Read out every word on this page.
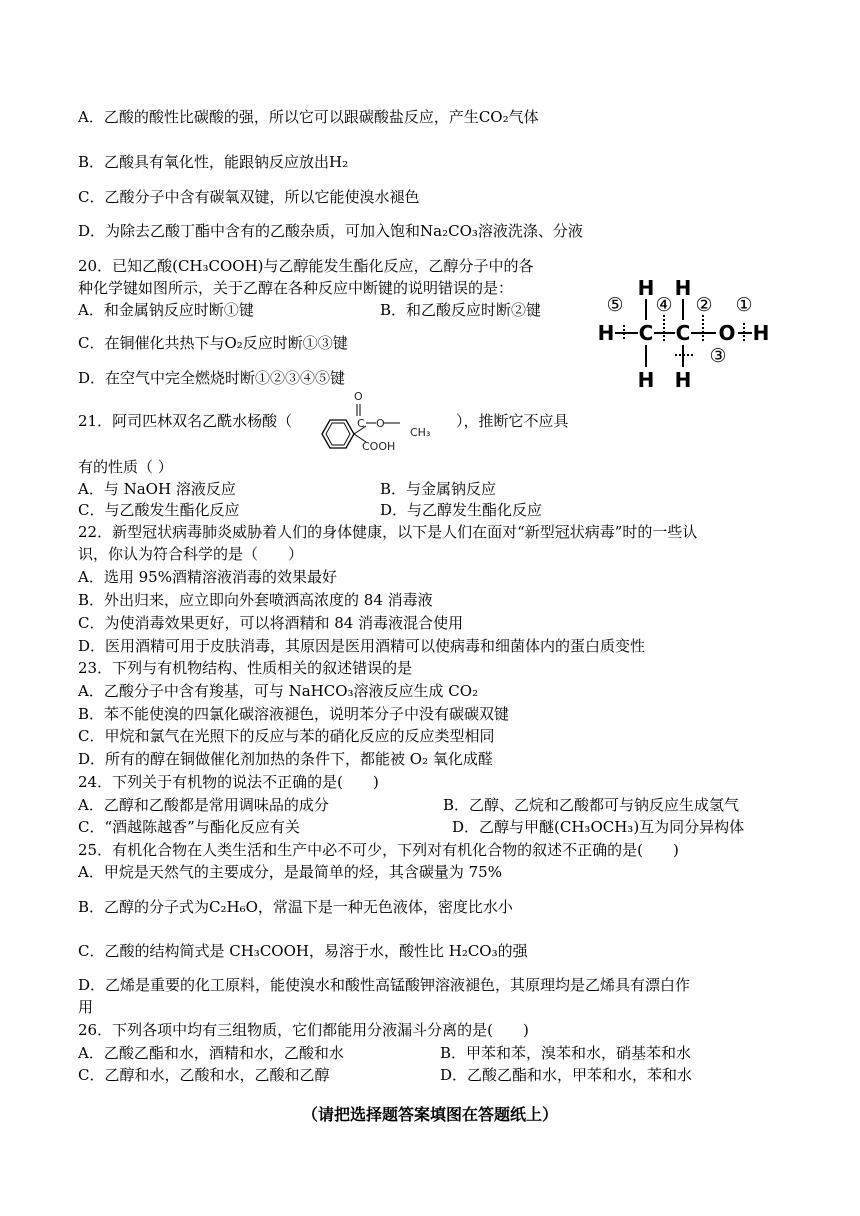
A．乙酸的酸性比碳酸的强，所以它可以跟碳酸盐反应，产生CO₂气体
B．乙酸具有氧化性，能跟钠反应放出H₂
C．乙酸分子中含有碳氧双键，所以它能使溴水褪色
D．为除去乙酸丁酯中含有的乙酸杂质，可加入饱和Na₂CO₃溶液洗涤、分液
20．已知乙酸(CH₃COOH)与乙醇能发生酯化反应，乙醇分子中的各
种化学键如图所示，关于乙醇在各种反应中断键的说明错误的是：
A．和金属钠反应时断①键	B．和乙酸反应时断②键
C．在铜催化共热下与O₂反应时断①③键
D．在空气中完全燃烧时断①②③④⑤键
H H
H C C O H
H H
⑤ ④ ② ①
③
21．阿司匹林双名乙酰水杨酸（
O
C O
CH₃
COOH
），推断它不应具
有的性质（ ）
A．与 NaOH 溶液反应	B．与金属钠反应
C．与乙酸发生酯化反应	D．与乙醇发生酯化反应
22．新型冠状病毒肺炎威胁着人们的身体健康，以下是人们在面对“新型冠状病毒”时的一些认
识，你认为符合科学的是（　　）
A．选用 95%酒精溶液消毒的效果最好
B．外出归来，应立即向外套喷洒高浓度的 84 消毒液
C．为使消毒效果更好，可以将酒精和 84 消毒液混合使用
D．医用酒精可用于皮肤消毒，其原因是医用酒精可以使病毒和细菌体内的蛋白质变性
23．下列与有机物结构、性质相关的叙述错误的是
A．乙酸分子中含有羧基，可与 NaHCO₃溶液反应生成 CO₂
B．苯不能使溴的四氯化碳溶液褪色，说明苯分子中没有碳碳双键
C．甲烷和氯气在光照下的反应与苯的硝化反应的反应类型相同
D．所有的醇在铜做催化剂加热的条件下，都能被 O₂ 氧化成醛
24．下列关于有机物的说法不正确的是(　　)
A．乙醇和乙酸都是常用调味品的成分	B．乙醇、乙烷和乙酸都可与钠反应生成氢气
C．“酒越陈越香”与酯化反应有关	D．乙醇与甲醚(CH₃OCH₃)互为同分异构体
25．有机化合物在人类生活和生产中必不可少，下列对有机化合物的叙述不正确的是(　　)
A．甲烷是天然气的主要成分，是最简单的烃，其含碳量为 75%
B．乙醇的分子式为C₂H₆O，常温下是一种无色液体，密度比水小
C．乙酸的结构简式是 CH₃COOH，易溶于水，酸性比 H₂CO₃的强
D．乙烯是重要的化工原料，能使溴水和酸性高锰酸钾溶液褪色，其原理均是乙烯具有漂白作
用
26．下列各项中均有三组物质，它们都能用分液漏斗分离的是(　　)
A．乙酸乙酯和水，酒精和水，乙酸和水	B．甲苯和苯，溴苯和水，硝基苯和水
C．乙醇和水，乙酸和水，乙酸和乙醇	D．乙酸乙酯和水，甲苯和水，苯和水
（请把选择题答案填图在答题纸上）
